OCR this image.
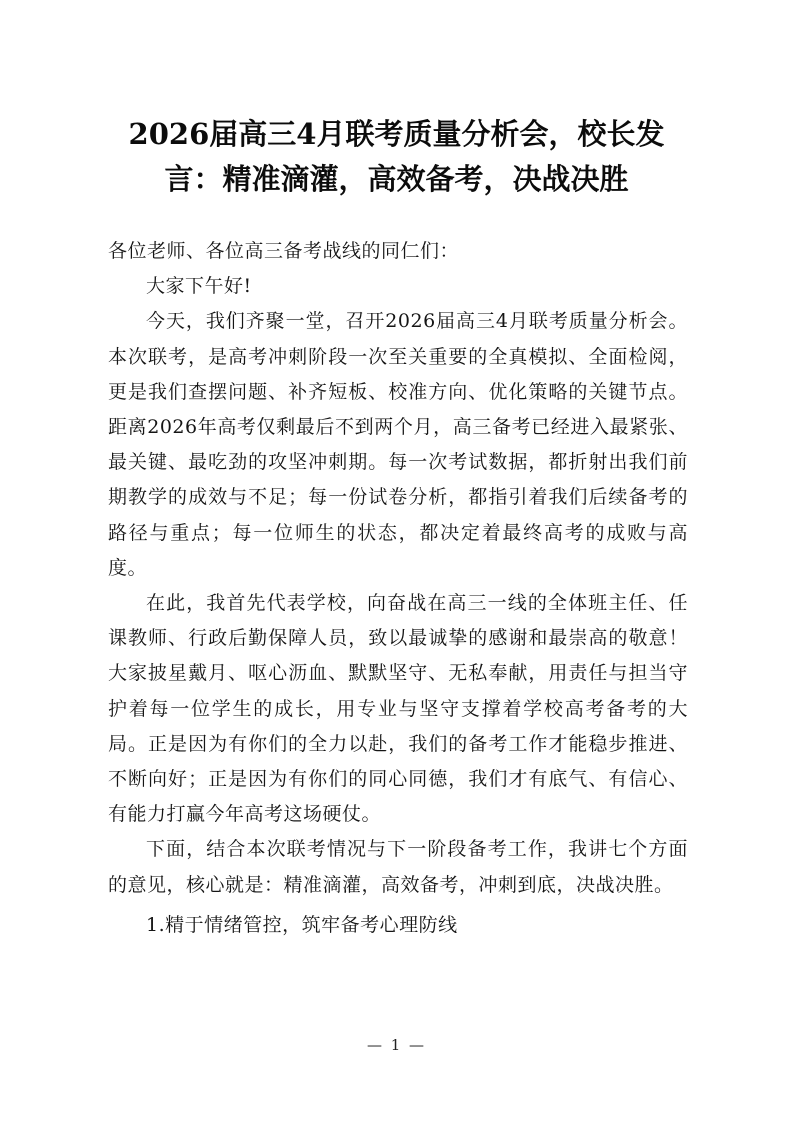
2026届高三4月联考质量分析会，校长发言：精准滴灌，高效备考，决战决胜

各位老师、各位高三备考战线的同仁们：

大家下午好!

今天，我们齐聚一堂，召开2026届高三4月联考质量分析会。本次联考，是高考冲刺阶段一次至关重要的全真模拟、全面检阅，更是我们查摆问题、补齐短板、校准方向、优化策略的关键节点。距离2026年高考仅剩最后不到两个月，高三备考已经进入最紧张、最关键、最吃劲的攻坚冲刺期。每一次考试数据，都折射出我们前期教学的成效与不足；每一份试卷分析，都指引着我们后续备考的路径与重点；每一位师生的状态，都决定着最终高考的成败与高度。

在此，我首先代表学校，向奋战在高三一线的全体班主任、任课教师、行政后勤保障人员，致以最诚挚的感谢和最崇高的敬意！大家披星戴月、呕心沥血、默默坚守、无私奉献，用责任与担当守护着每一位学生的成长，用专业与坚守支撑着学校高考备考的大局。正是因为有你们的全力以赴，我们的备考工作才能稳步推进、不断向好；正是因为有你们的同心同德，我们才有底气、有信心、有能力打赢今年高考这场硬仗。

下面，结合本次联考情况与下一阶段备考工作，我讲七个方面的意见，核心就是：精准滴灌，高效备考，冲刺到底，决战决胜。

1.精于情绪管控，筑牢备考心理防线

— 1 —
